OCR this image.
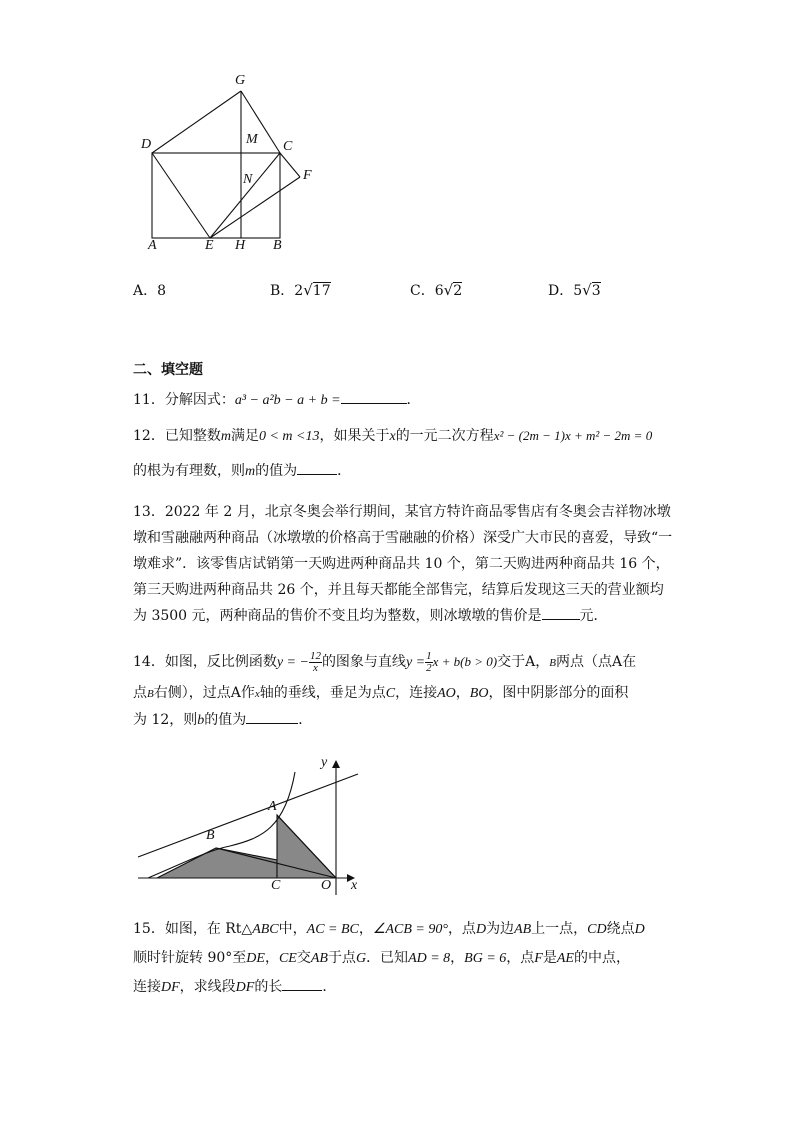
G
D	M C
N	F
A	E H B
A．8	B．2√17	C．6√2	D．5√3
二、填空题

11．分解因式：a³ − a²b − a + b =	．

12．已知整数m满足0 < m <13，如果关于x的一元二次方程x² − (2m − 1)x + m² − 2m = 0

的根为有理数，则m的值为	．

13．2022 年 2 月，北京冬奥会举行期间，某官方特许商品零售店有冬奥会吉祥物冰墩

墩和雪融融两种商品（冰墩墩的价格高于雪融融的价格）深受广大市民的喜爱，导致“一

墩难求”．该零售店试销第一天购进两种商品共 10 个，第二天购进两种商品共 16 个，

第三天购进两种商品共 26 个，并且每天都能全部售完，结算后发现这三天的营业额均

为 3500 元，两种商品的售价不变且均为整数，则冰墩墩的售价是	元．

14．如图，反比例函数y = − $\frac{12}{x}$ 的图象与直线$y = \frac{1}{2}$ x + b(b > 0)交于A，B两点（点A在

点B右侧），过点A作x轴的垂线，垂足为点C，连接AO，BO，图中阴影部分的面积

为 12，则b的值为	．

y
A
B
C	O x

15．如图，在 Rt△ABC中，AC = BC，∠ACB = 90°，点D为边AB上一点，CD绕点D

顺时针旋转 90°至DE，CE交AB于点G．已知AD = 8，BG = 6，点F是AE的中点，

连接DF，求线段DF的长	．
